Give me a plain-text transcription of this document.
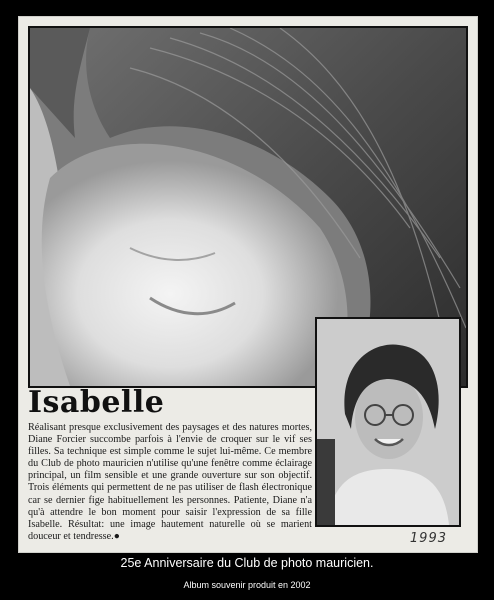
Isabelle

Réalisant presque exclusivement des paysages et des natures mortes, Diane Forcier succombe parfois à l'envie de croquer sur le vif ses filles. Sa technique est simple comme le sujet lui-même. Ce membre du Club de photo mauricien n'utilise qu'une fenêtre comme éclairage principal, un film sensible et une grande ouverture sur son objectif. Trois éléments qui permettent de ne pas utiliser de flash électronique car se dernier fige habituellement les personnes. Patiente, Diane n'a qu'à attendre le bon moment pour saisir l'expression de sa fille Isabelle. Résultat: une image hautement naturelle où se marient douceur et tendresse.●	1993
25e Anniversaire du Club de photo mauricien.
Album souvenir produit en 2002
